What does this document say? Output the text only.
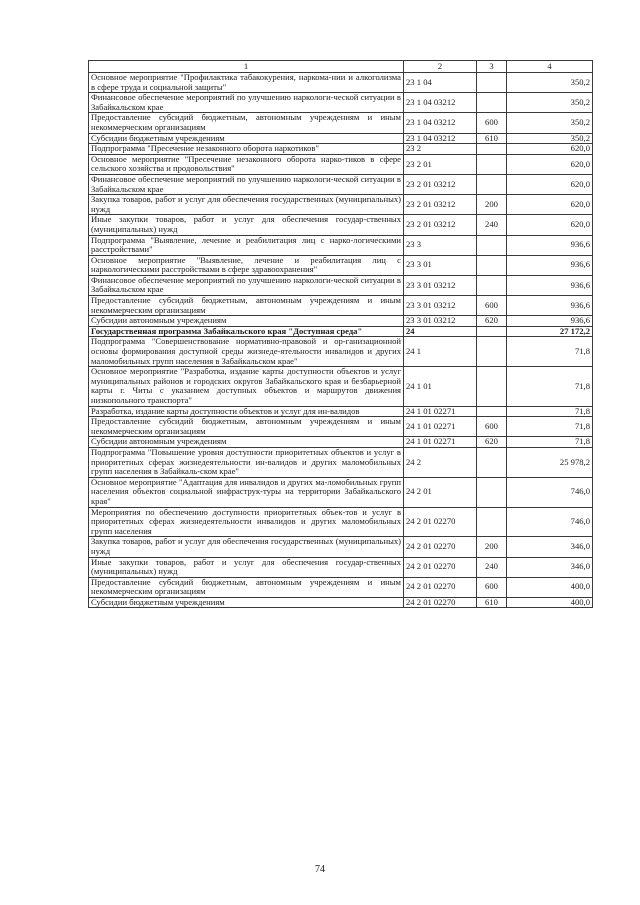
1	2	3	4
Основное мероприятие "Профилактика табакокурения, наркома-нии и алкоголизма в сфере труда и социальной защиты"	23 1 04		350,2
Финансовое обеспечение мероприятий по улучшению наркологи-ческой ситуации в Забайкальском крае	23 1 04 03212		350,2
Предоставление субсидий бюджетным, автономным учреждениям и иным некоммерческим организациям	23 1 04 03212	600	350,2
Субсидии бюджетным учреждениям	23 1 04 03212	610	350,2
Подпрограмма "Пресечение незаконного оборота наркотиков"	23 2		620,0
Основное мероприятие "Пресечение незаконного оборота нарко-тиков в сфере сельского хозяйства и продовольствия"	23 2 01		620,0
Финансовое обеспечение мероприятий по улучшению наркологи-ческой ситуации в Забайкальском крае	23 2 01 03212		620,0
Закупка товаров, работ и услуг для обеспечения государственных (муниципальных) нужд	23 2 01 03212	200	620,0
Иные закупки товаров, работ и услуг для обеспечения государ-ственных (муниципальных) нужд	23 2 01 03212	240	620,0
Подпрограмма "Выявление, лечение и реабилитация лиц с нарко-логическими расстройствами"	23 3		936,6
Основное мероприятие "Выявление, лечение и реабилитация лиц с наркологическими расстройствами в сфере здравоохранения"	23 3 01		936,6
Финансовое обеспечение мероприятий по улучшению наркологи-ческой ситуации в Забайкальском крае	23 3 01 03212		936,6
Предоставление субсидий бюджетным, автономным учреждениям и иным некоммерческим организациям	23 3 01 03212	600	936,6
Субсидии автономным учреждениям	23 3 01 03212	620	936,6
Государственная программа Забайкальского края "Доступная среда"	24		27 172,2
Подпрограмма "Совершенствование нормативно-правовой и ор-ганизационной основы формирования доступной среды жизнеде-ятельности инвалидов и других маломобильных групп населения в Забайкальском крае"	24 1		71,8
Основное мероприятие "Разработка, издание карты доступности объектов и услуг муниципальных районов и городских округов Забайкальского края и безбарьерной карты г. Читы с указанием доступных объектов и маршрутов движения низкопольного транспорта"	24 1 01		71,8
Разработка, издание карты доступности объектов и услуг для ин-валидов	24 1 01 02271		71,8
Предоставление субсидий бюджетным, автономным учреждениям и иным некоммерческим организациям	24 1 01 02271	600	71,8
Субсидии автономным учреждениям	24 1 01 02271	620	71,8
Подпрограмма "Повышение уровня доступности приоритетных объектов и услуг в приоритетных сферах жизнедеятельности ин-валидов и других маломобильных групп населения в Забайкаль-ском крае"	24 2		25 978,2
Основное мероприятие "Адаптация для инвалидов и других ма-ломобильных групп населения объектов социальной инфраструк-туры на территории Забайкальского края"	24 2 01		746,0
Мероприятия по обеспечению доступности приоритетных объек-тов и услуг в приоритетных сферах жизнедеятельности инвалидов и других маломобильных групп населения	24 2 01 02270		746,0
Закупка товаров, работ и услуг для обеспечения государственных (муниципальных) нужд	24 2 01 02270	200	346,0
Иные закупки товаров, работ и услуг для обеспечения государ-ственных (муниципальных) нужд	24 2 01 02270	240	346,0
Предоставление субсидий бюджетным, автономным учреждениям и иным некоммерческим организациям	24 2 01 02270	600	400,0
Субсидии бюджетным учреждениям	24 2 01 02270	610	400,0
74
